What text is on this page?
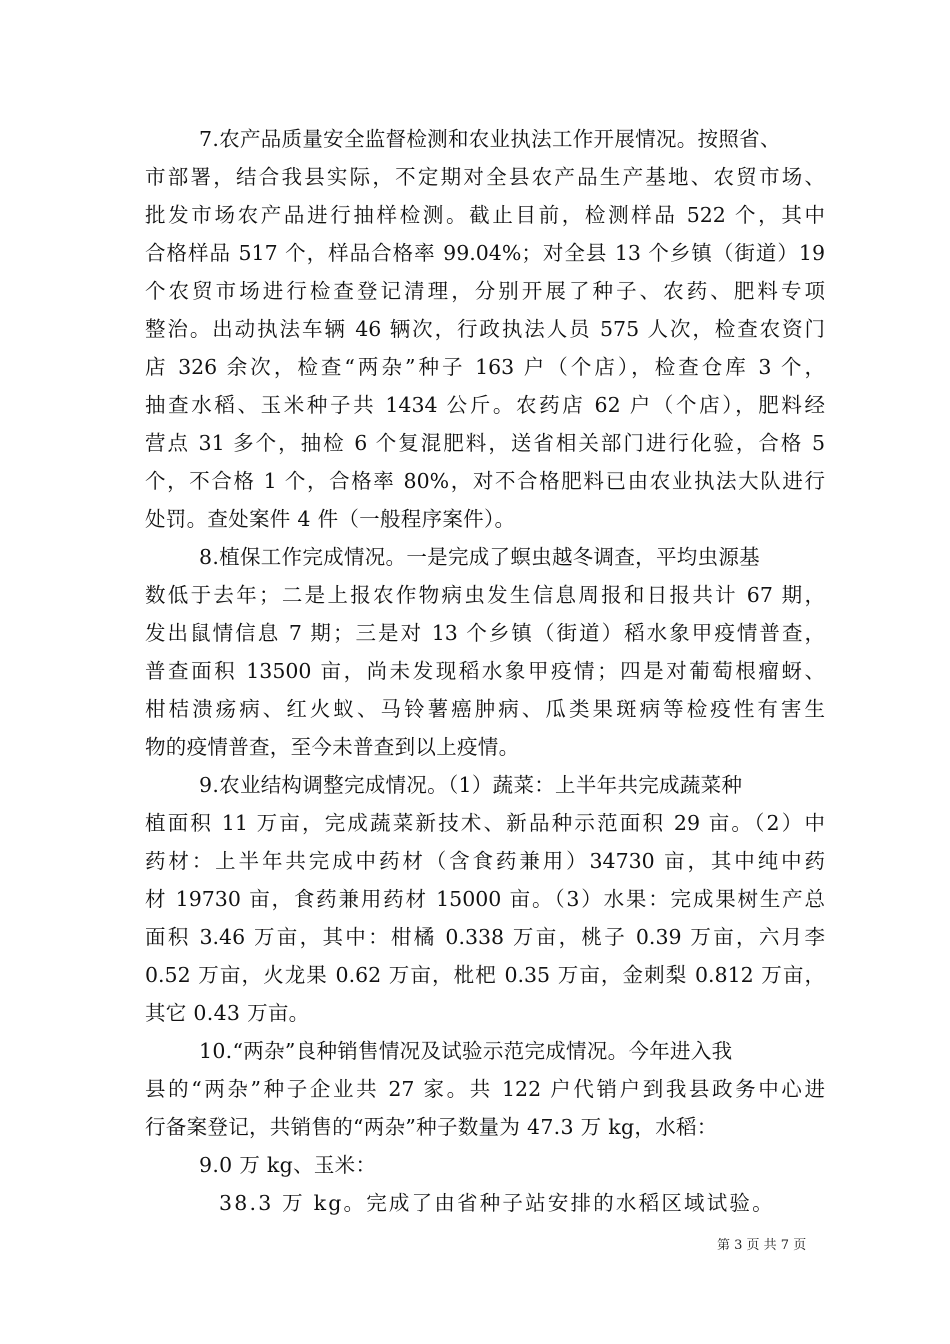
7.农产品质量安全监督检测和农业执法工作开展情况。按照省、
市部署，结合我县实际，不定期对全县农产品生产基地、农贸市场、
批发市场农产品进行抽样检测。截止目前，检测样品 522 个，其中
合格样品 517 个，样品合格率 99.04%；对全县 13 个乡镇（街道）19
个农贸市场进行检查登记清理，分别开展了种子、农药、肥料专项
整治。出动执法车辆 46 辆次，行政执法人员 575 人次，检查农资门
店 326 余次，检查“两杂”种子 163 户（个店），检查仓库 3 个，
抽查水稻、玉米种子共 1434 公斤。农药店 62 户（个店），肥料经
营点 31 多个，抽检 6 个复混肥料，送省相关部门进行化验，合格 5
个，不合格 1 个，合格率 80%，对不合格肥料已由农业执法大队进行
处罚。查处案件 4 件（一般程序案件）。
8.植保工作完成情况。一是完成了螟虫越冬调查，平均虫源基
数低于去年；二是上报农作物病虫发生信息周报和日报共计 67 期，
发出鼠情信息 7 期；三是对 13 个乡镇（街道）稻水象甲疫情普查，
普查面积 13500 亩，尚未发现稻水象甲疫情；四是对葡萄根瘤蚜、
柑桔溃疡病、红火蚁、马铃薯癌肿病、瓜类果斑病等检疫性有害生
物的疫情普查，至今未普查到以上疫情。
9.农业结构调整完成情况。（1）蔬菜：上半年共完成蔬菜种
植面积 11 万亩，完成蔬菜新技术、新品种示范面积 29 亩。（2）中
药材：上半年共完成中药材（含食药兼用）34730 亩，其中纯中药
材 19730 亩，食药兼用药材 15000 亩。（3）水果：完成果树生产总
面积 3.46 万亩，其中：柑橘 0.338 万亩，桃子 0.39 万亩，六月李
0.52 万亩，火龙果 0.62 万亩，枇杷 0.35 万亩，金刺梨 0.812 万亩，
其它 0.43 万亩。
10.“两杂”良种销售情况及试验示范完成情况。今年进入我
县的“两杂”种子企业共 27 家。共 122 户代销户到我县政务中心进
行备案登记，共销售的“两杂”种子数量为 47.3 万 kg，水稻：
9.0 万 kg、玉米：
38.3 万 kg。完成了由省种子站安排的水稻区域试验。
第 3 页 共 7 页
